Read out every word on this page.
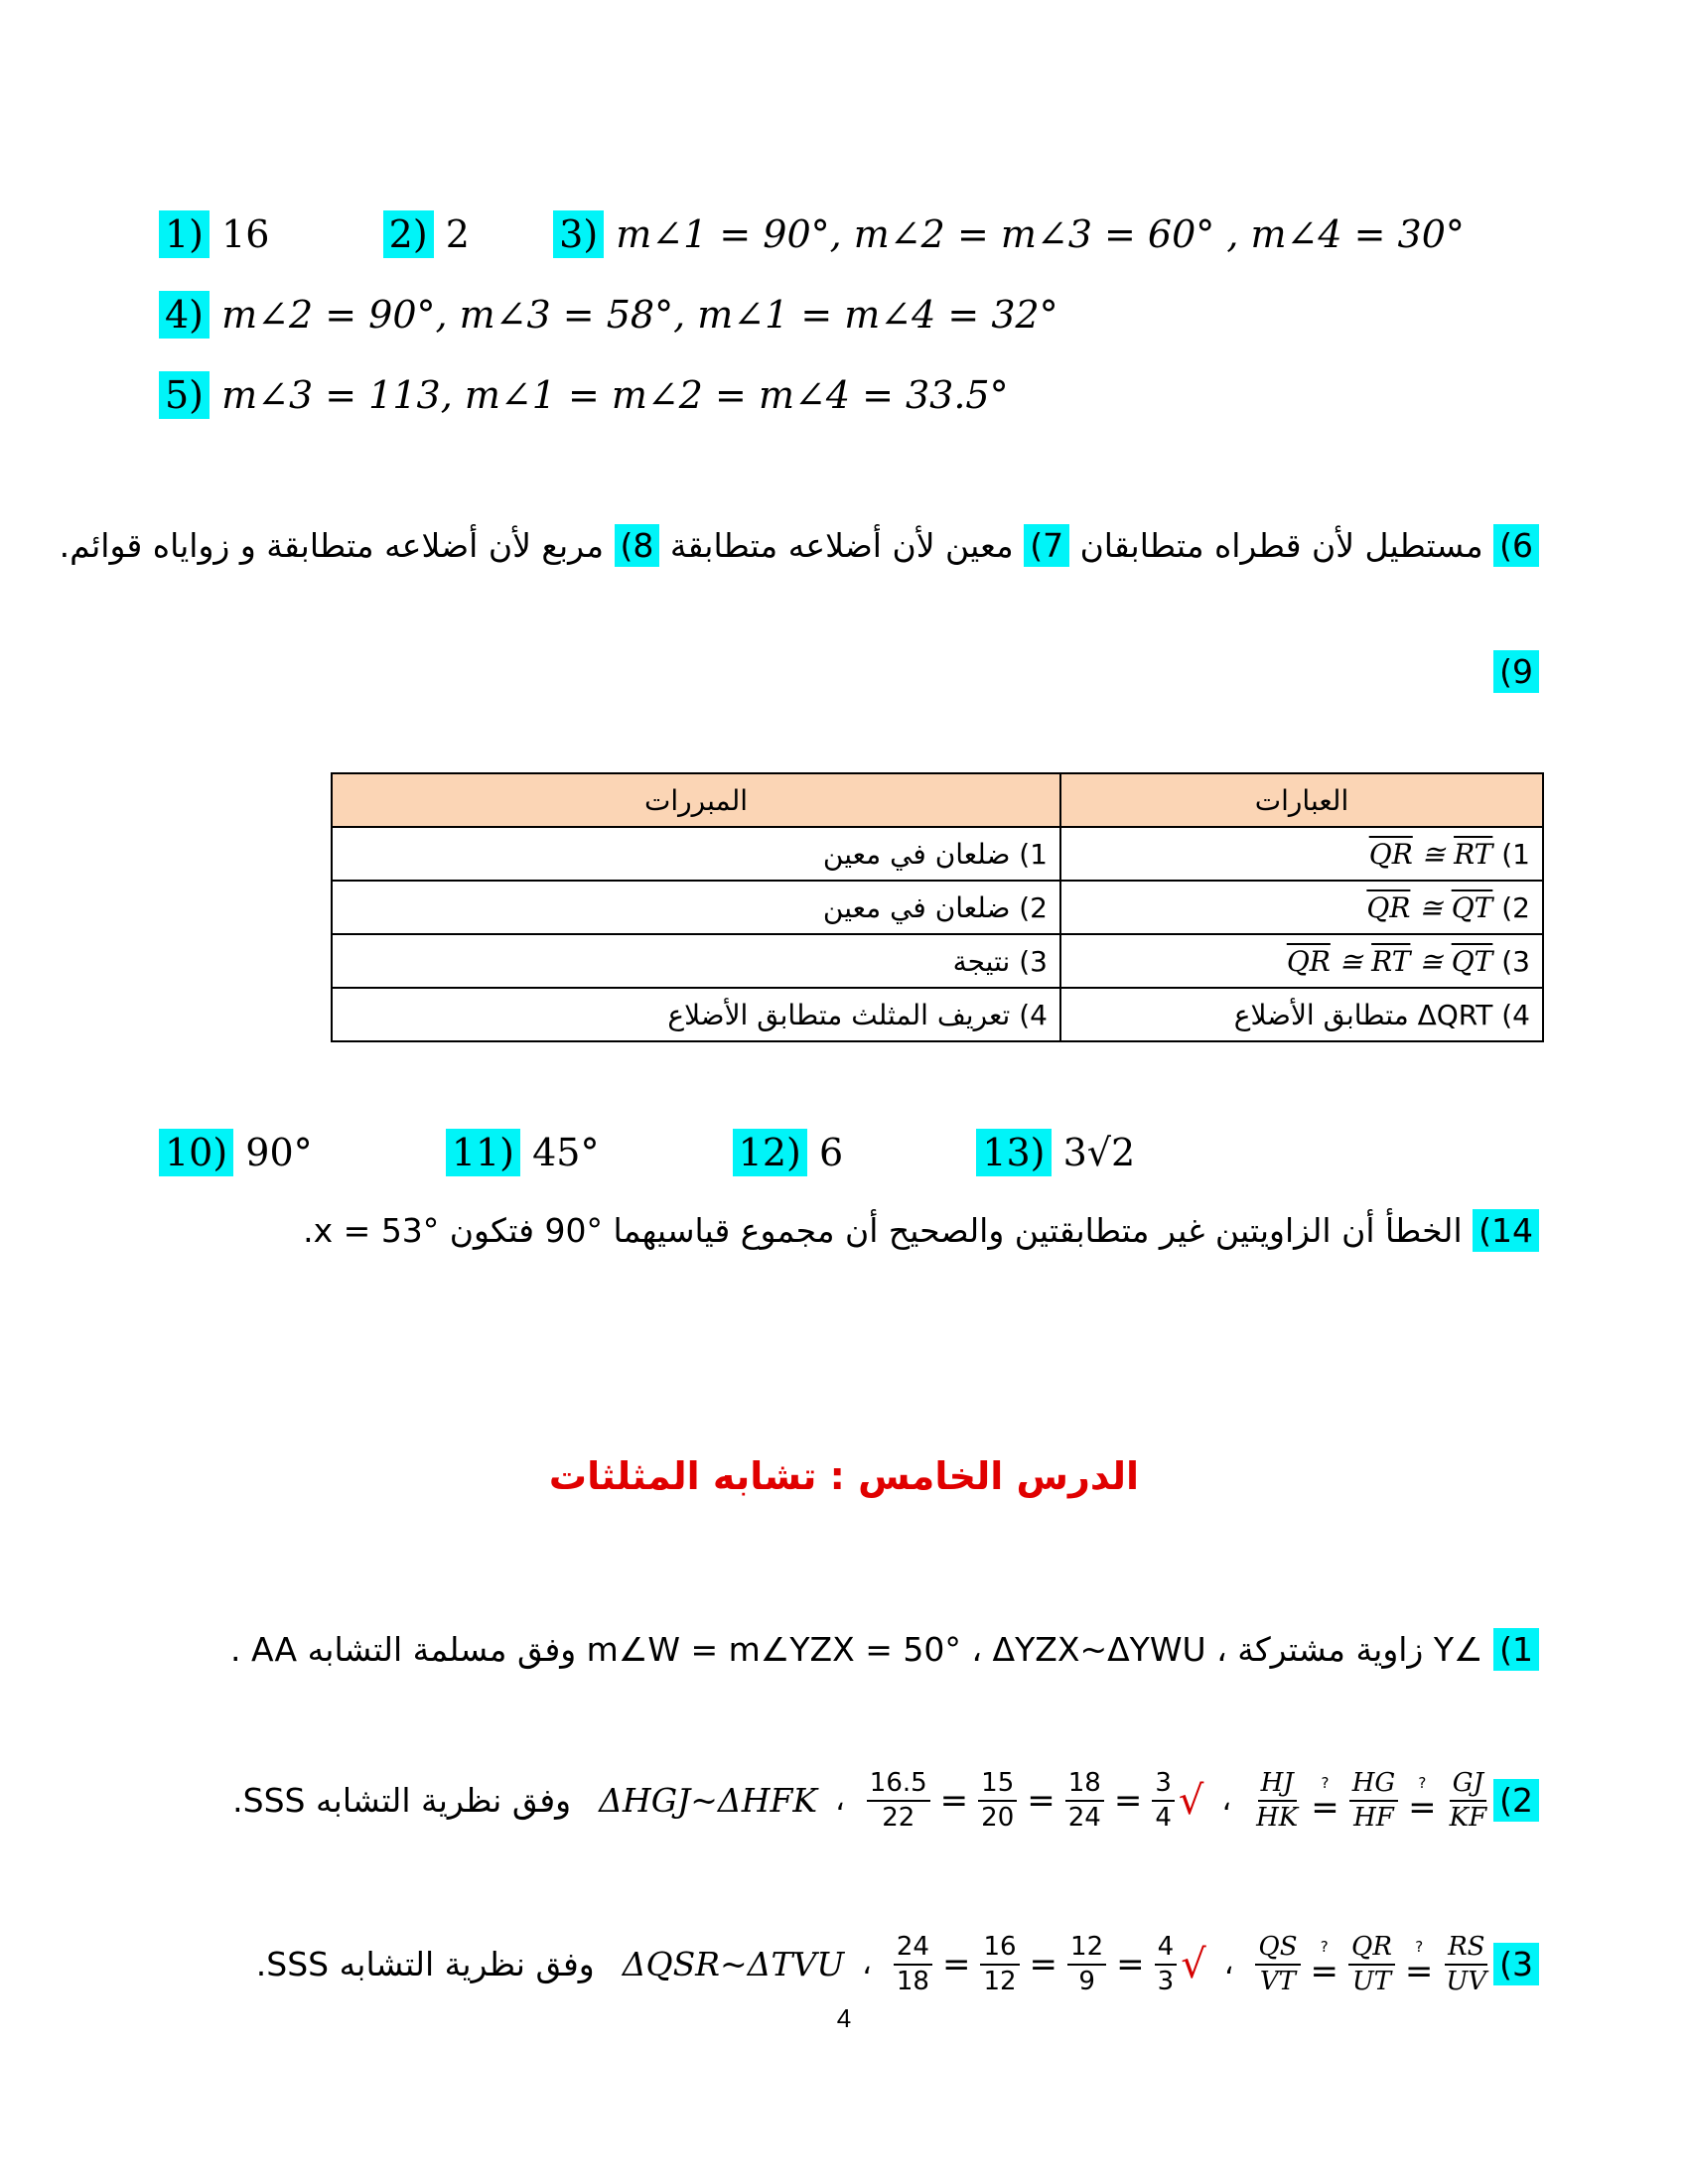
1) 16	2) 2 3) m∠1 = 90°, m∠2 = m∠3 = 60° , m∠4 = 30°
4) m∠2 = 90°, m∠3 = 58°, m∠1 = m∠4 = 32°
5) m∠3 = 113, m∠1 = m∠2 = m∠4 = 33.5°
6) مستطيل لأن قطراه متطابقان 7) معين لأن أضلاعه متطابقة 8) مربع لأن أضلاعه متطابقة و زواياه قوائم.
9)
العبارات	المبررات
1) $\overline{QR}$ ≅ $\overline{RT}$	1) ضلعان في معين
2) $\overline{QR}$ ≅ $\overline{QT}$	2) ضلعان في معين
3) $\overline{QR}$ ≅ $\overline{RT}$ ≅ $\overline{QT}$	3) نتيجة
4) ΔQRT متطابق الأضلاع	4) تعريف المثلث متطابق الأضلاع
10) 90°	11) 45°	12) 6	13) 3√2
14) الخطأ أن الزاويتين غير متطابقتين والصحيح أن مجموع قياسيهما °90 فتكون x = 53°.
الدرس الخامس : تشابه المثلثات
1) ∠Y زاوية مشتركة ، m∠W = m∠YZX = 50° ، ΔYZX~ΔYWU وفق مسلمة التشابه AA .
2)
$\frac{GJ}{KF}$
?
=
$\frac{HG}{HF}$
?
=
$\frac{HJ}{HK}$
،
√
$\frac{3}{4}$
=
$\frac{18}{24}$
=
$\frac{15}{20}$
=
$\frac{16.5}{22}$
،
ΔHGJ~ΔHFK
وفق نظرية التشابه SSS.
3)
$\frac{RS}{UV}$
?
=
$\frac{QR}{UT}$
?
=
$\frac{QS}{VT}$
،
√
$\frac{4}{3}$
=
$\frac{12}{9}$
=
$\frac{16}{12}$
=
$\frac{24}{18}$
،
ΔQSR~ΔTVU
وفق نظرية التشابه SSS.
4
